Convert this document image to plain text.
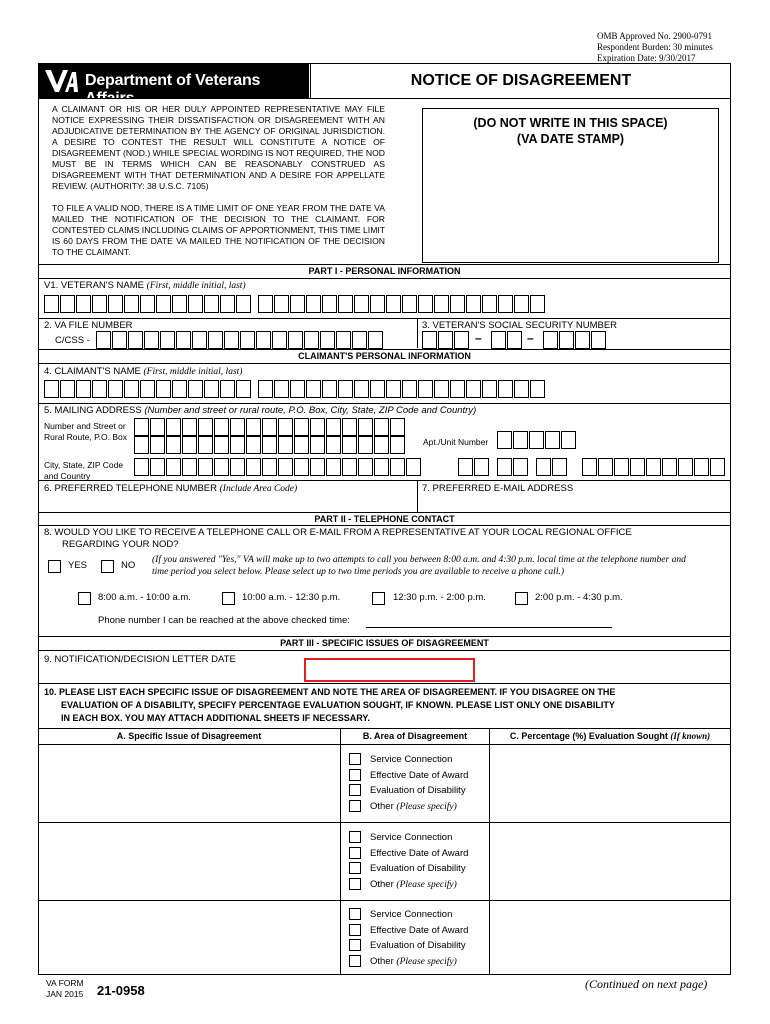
OMB Approved No. 2900-0791
Respondent Burden: 30 minutes
Expiration Date: 9/30/2017
Department of Veterans Affairs
NOTICE OF DISAGREEMENT
A CLAIMANT OR HIS OR HER DULY APPOINTED REPRESENTATIVE MAY FILE NOTICE EXPRESSING THEIR DISSATISFACTION OR DISAGREEMENT WITH AN ADJUDICATIVE DETERMINATION BY THE AGENCY OF ORIGINAL JURISDICTION. A DESIRE TO CONTEST THE RESULT WILL CONSTITUTE A NOTICE OF DISAGREEMENT (NOD.) WHILE SPECIAL WORDING IS NOT REQUIRED, THE NOD MUST BE IN TERMS WHICH CAN BE REASONABLY CONSTRUED AS DISAGREEMENT WITH THAT DETERMINATION AND A DESIRE FOR APPELLATE REVIEW. (AUTHORITY: 38 U.S.C. 7105)
TO FILE A VALID NOD, THERE IS A TIME LIMIT OF ONE YEAR FROM THE DATE VA MAILED THE NOTIFICATION OF THE DECISION TO THE CLAIMANT. FOR CONTESTED CLAIMS INCLUDING CLAIMS OF APPORTIONMENT, THIS TIME LIMIT IS 60 DAYS FROM THE DATE VA MAILED THE NOTIFICATION OF THE DECISION TO THE CLAIMANT.
(DO NOT WRITE IN THIS SPACE)
(VA DATE STAMP)
PART I - PERSONAL INFORMATION
V1. VETERAN'S NAME (First, middle initial, last)
2. VA FILE NUMBER
C/CSS -
3. VETERAN'S SOCIAL SECURITY NUMBER
–	–
CLAIMANT'S PERSONAL INFORMATION
4. CLAIMANT'S NAME (First, middle initial, last)
5. MAILING ADDRESS (Number and street or rural route, P.O. Box, City, State, ZIP Code and Country)
Number and Street or Rural Route, P.O. Box	Apt./Unit Number
City, State, ZIP Code and Country
6. PREFERRED TELEPHONE NUMBER (Include Area Code)	7. PREFERRED E-MAIL ADDRESS
PART II - TELEPHONE CONTACT
8. WOULD YOU LIKE TO RECEIVE A TELEPHONE CALL OR E-MAIL FROM A REPRESENTATIVE AT YOUR LOCAL REGIONAL OFFICE
REGARDING YOUR NOD?
YES	NO (If you answered "Yes," VA will make up to two attempts to call you between 8:00 a.m. and 4:30 p.m. local time at the telephone number and
time period you select below. Please select up to two time periods you are available to receive a phone call.)
8:00 a.m. - 10:00 a.m.	10:00 a.m. - 12:30 p.m.	12:30 p.m. - 2:00 p.m.	2:00 p.m. - 4:30 p.m.
Phone number I can be reached at the above checked time:
PART III - SPECIFIC ISSUES OF DISAGREEMENT
9. NOTIFICATION/DECISION LETTER DATE
10. PLEASE LIST EACH SPECIFIC ISSUE OF DISAGREEMENT AND NOTE THE AREA OF DISAGREEMENT. IF YOU DISAGREE ON THE
EVALUATION OF A DISABILITY, SPECIFY PERCENTAGE EVALUATION SOUGHT, IF KNOWN. PLEASE LIST ONLY ONE DISABILITY
IN EACH BOX. YOU MAY ATTACH ADDITIONAL SHEETS IF NECESSARY.
A. Specific Issue of Disagreement	B. Area of Disagreement	C. Percentage (%) Evaluation Sought (If known)
Service Connection
Effective Date of Award
Evaluation of Disability
Other (Please specify)
Service Connection
Effective Date of Award
Evaluation of Disability
Other (Please specify)
Service Connection
Effective Date of Award
Evaluation of Disability
Other (Please specify)
VA FORM
JAN 2015 21-0958	(Continued on next page)
